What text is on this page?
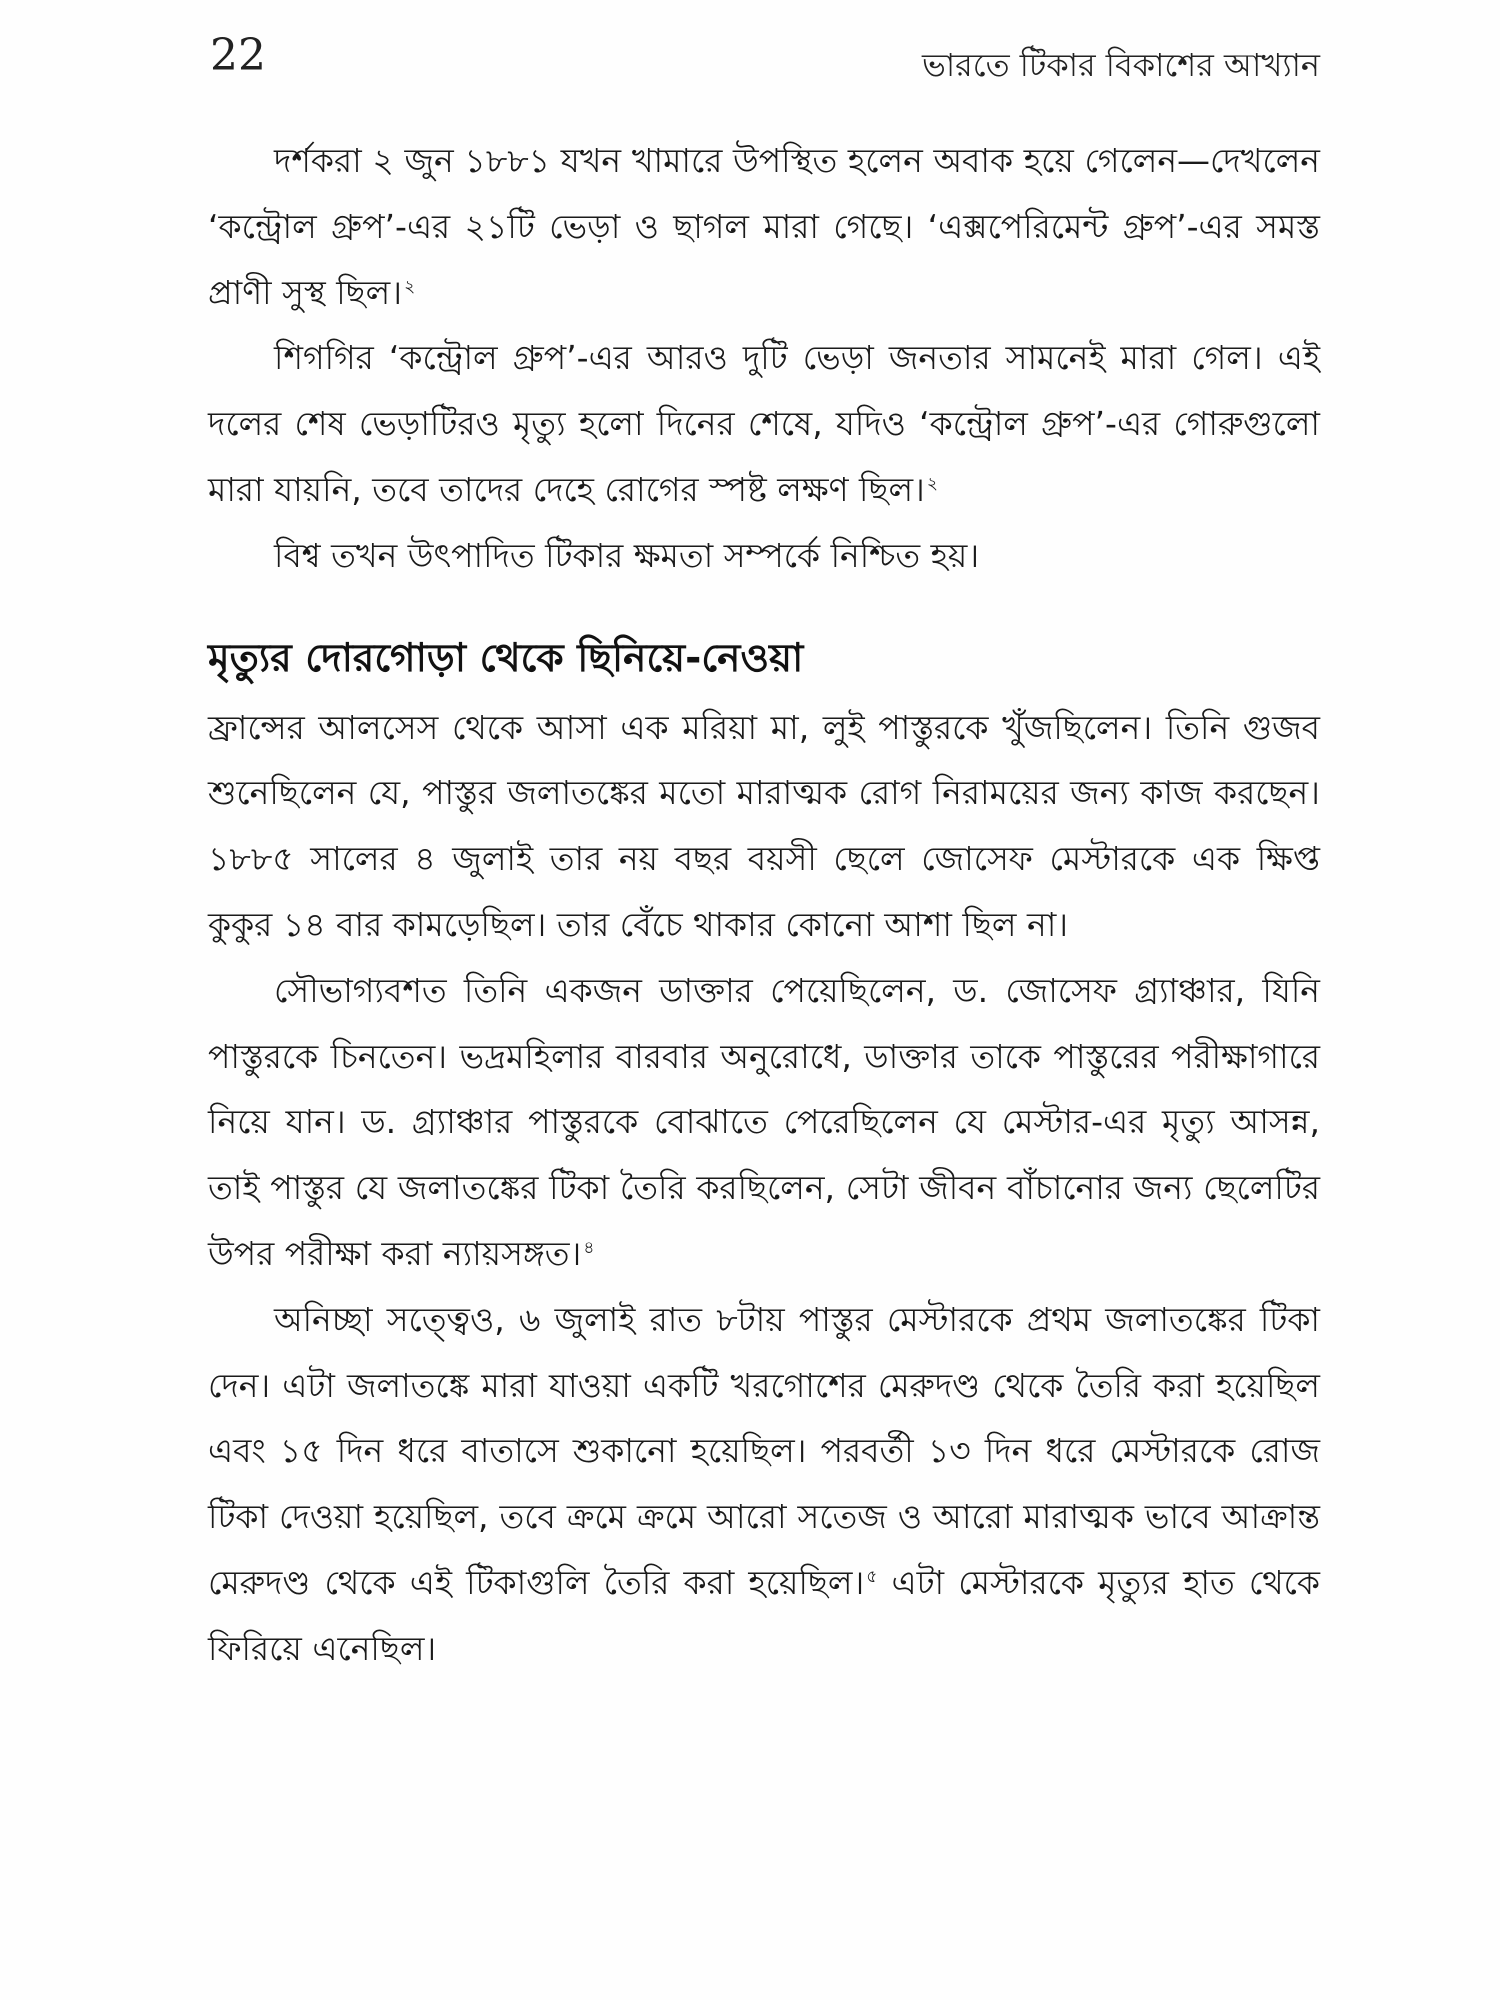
22	ভারতে টিকার বিকাশের আখ্যান

দর্শকরা ২ জুন ১৮৮১ যখন খামারে উপস্থিত হলেন অবাক হয়ে গেলেন—দেখলেন ‘কন্ট্রোল গ্রুপ’-এর ২১টি ভেড়া ও ছাগল মারা গেছে। ‘এক্সপেরিমেন্ট গ্রুপ’-এর সমস্ত প্রাণী সুস্থ ছিল। $^২$

শিগগির ‘কন্ট্রোল গ্রুপ’-এর আরও দুটি ভেড়া জনতার সামনেই মারা গেল। এই দলের শেষ ভেড়াটিরও মৃত্যু হলো দিনের শেষে, যদিও ‘কন্ট্রোল গ্রুপ’-এর গোরুগুলো মারা যায়নি, তবে তাদের দেহে রোগের স্পষ্ট লক্ষণ ছিল। $^২$

বিশ্ব তখন উৎপাদিত টিকার ক্ষমতা সম্পর্কে নিশ্চিত হয়।

মৃত্যুর দোরগোড়া থেকে ছিনিয়ে-নেওয়া

ফ্রান্সের আলসেস থেকে আসা এক মরিয়া মা, লুই পাস্তুরকে খুঁজছিলেন। তিনি গুজব শুনেছিলেন যে, পাস্তুর জলাতঙ্কের মতো মারাত্মক রোগ নিরাময়ের জন্য কাজ করছেন। ১৮৮৫ সালের ৪ জুলাই তার নয় বছর বয়সী ছেলে জোসেফ মেস্টারকে এক ক্ষিপ্ত কুকুর ১৪ বার কামড়েছিল। তার বেঁচে থাকার কোনো আশা ছিল না।

সৌভাগ্যবশত তিনি একজন ডাক্তার পেয়েছিলেন, ড. জোসেফ গ্র্যাঞ্চার, যিনি পাস্তুরকে চিনতেন। ভদ্রমহিলার বারবার অনুরোধে, ডাক্তার তাকে পাস্তুরের পরীক্ষাগারে নিয়ে যান। ড. গ্র্যাঞ্চার পাস্তুরকে বোঝাতে পেরেছিলেন যে মেস্টার-এর মৃত্যু আসন্ন, তাই পাস্তুর যে জলাতঙ্কের টিকা তৈরি করছিলেন, সেটা জীবন বাঁচানোর জন্য ছেলেটির উপর পরীক্ষা করা ন্যায়সঙ্গত। $^৪$

অনিচ্ছা সত্ত্বেও, ৬ জুলাই রাত ৮টায় পাস্তুর মেস্টারকে প্রথম জলাতঙ্কের টিকা দেন। এটা জলাতঙ্কে মারা যাওয়া একটি খরগোশের মেরুদণ্ড থেকে তৈরি করা হয়েছিল এবং ১৫ দিন ধরে বাতাসে শুকানো হয়েছিল। পরবর্তী ১৩ দিন ধরে মেস্টারকে রোজ টিকা দেওয়া হয়েছিল, তবে ক্রমে ক্রমে আরো সতেজ ও আরো মারাত্মক ভাবে আক্রান্ত মেরুদণ্ড থেকে এই টিকাগুলি তৈরি করা হয়েছিল। $^৫$ এটা মেস্টারকে মৃত্যুর হাত থেকে ফিরিয়ে এনেছিল।
